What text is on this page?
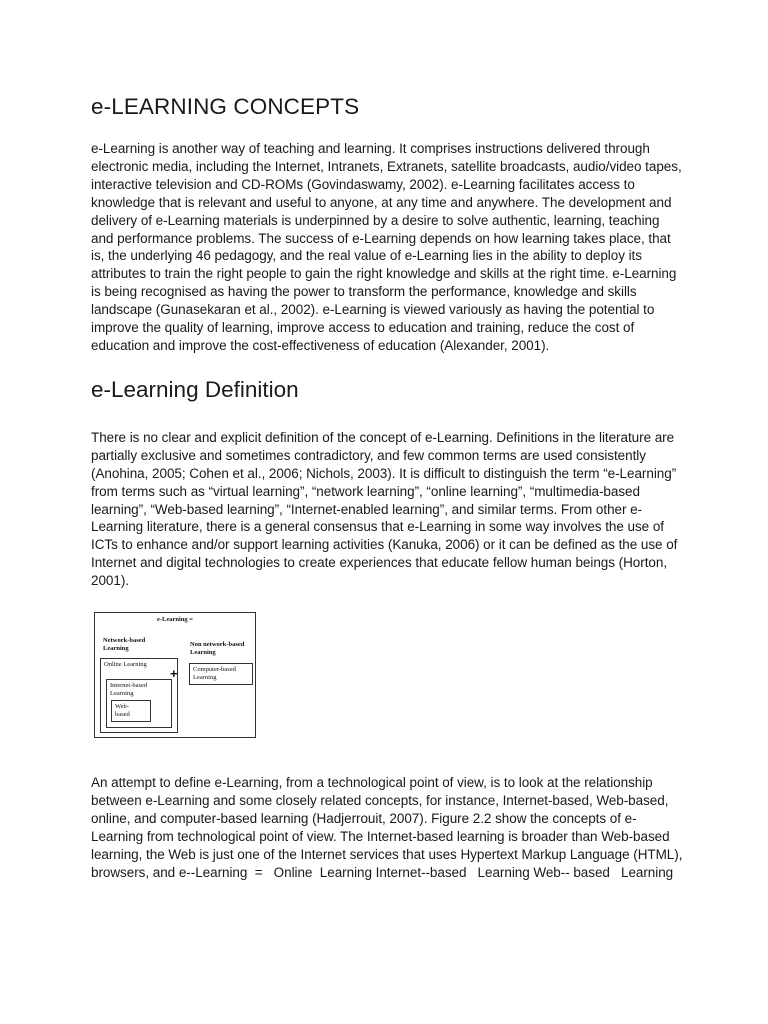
e-LEARNING CONCEPTS

e-Learning is another way of teaching and learning. It comprises instructions delivered through electronic media, including the Internet, Intranets, Extranets, satellite broadcasts, audio/video tapes, interactive television and CD-ROMs (Govindaswamy, 2002). e-Learning facilitates access to knowledge that is relevant and useful to anyone, at any time and anywhere. The development and delivery of e-Learning materials is underpinned by a desire to solve authentic, learning, teaching and performance problems. The success of e-Learning depends on how learning takes place, that is, the underlying 46 pedagogy, and the real value of e-Learning lies in the ability to deploy its attributes to train the right people to gain the right knowledge and skills at the right time. e-Learning is being recognised as having the power to transform the performance, knowledge and skills landscape (Gunasekaran et al., 2002). e-Learning is viewed variously as having the potential to improve the quality of learning, improve access to education and training, reduce the cost of education and improve the cost-effectiveness of education (Alexander, 2001).

e-Learning Definition

There is no clear and explicit definition of the concept of e-Learning. Definitions in the literature are partially exclusive and sometimes contradictory, and few common terms are used consistently (Anohina, 2005; Cohen et al., 2006; Nichols, 2003). It is difficult to distinguish the term “e-Learning” from terms such as “virtual learning”, “network learning”, “online learning”, “multimedia-based learning”, “Web-based learning”, “Internet-enabled learning”, and similar terms. From other e-Learning literature, there is a general consensus that e-Learning in some way involves the use of ICTs to enhance and/or support learning activities (Kanuka, 2006) or it can be defined as the use of Internet and digital technologies to create experiences that educate fellow human beings (Horton, 2001).

e-Learning =
Network-based Learning
Non network-based Learning
Online Learning
Internet-based Learning
Web-based
+ Computer-based Learning

An attempt to define e-Learning, from a technological point of view, is to look at the relationship between e-Learning and some closely related concepts, for instance, Internet-based, Web-based, online, and computer-based learning (Hadjerrouit, 2007). Figure 2.2 show the concepts of e-Learning from technological point of view. The Internet-based learning is broader than Web-based learning, the Web is just one of the Internet services that uses Hypertext Markup Language (HTML), browsers, and e--Learning  =   Online  Learning Internet--based   Learning Web-- based   Learning
